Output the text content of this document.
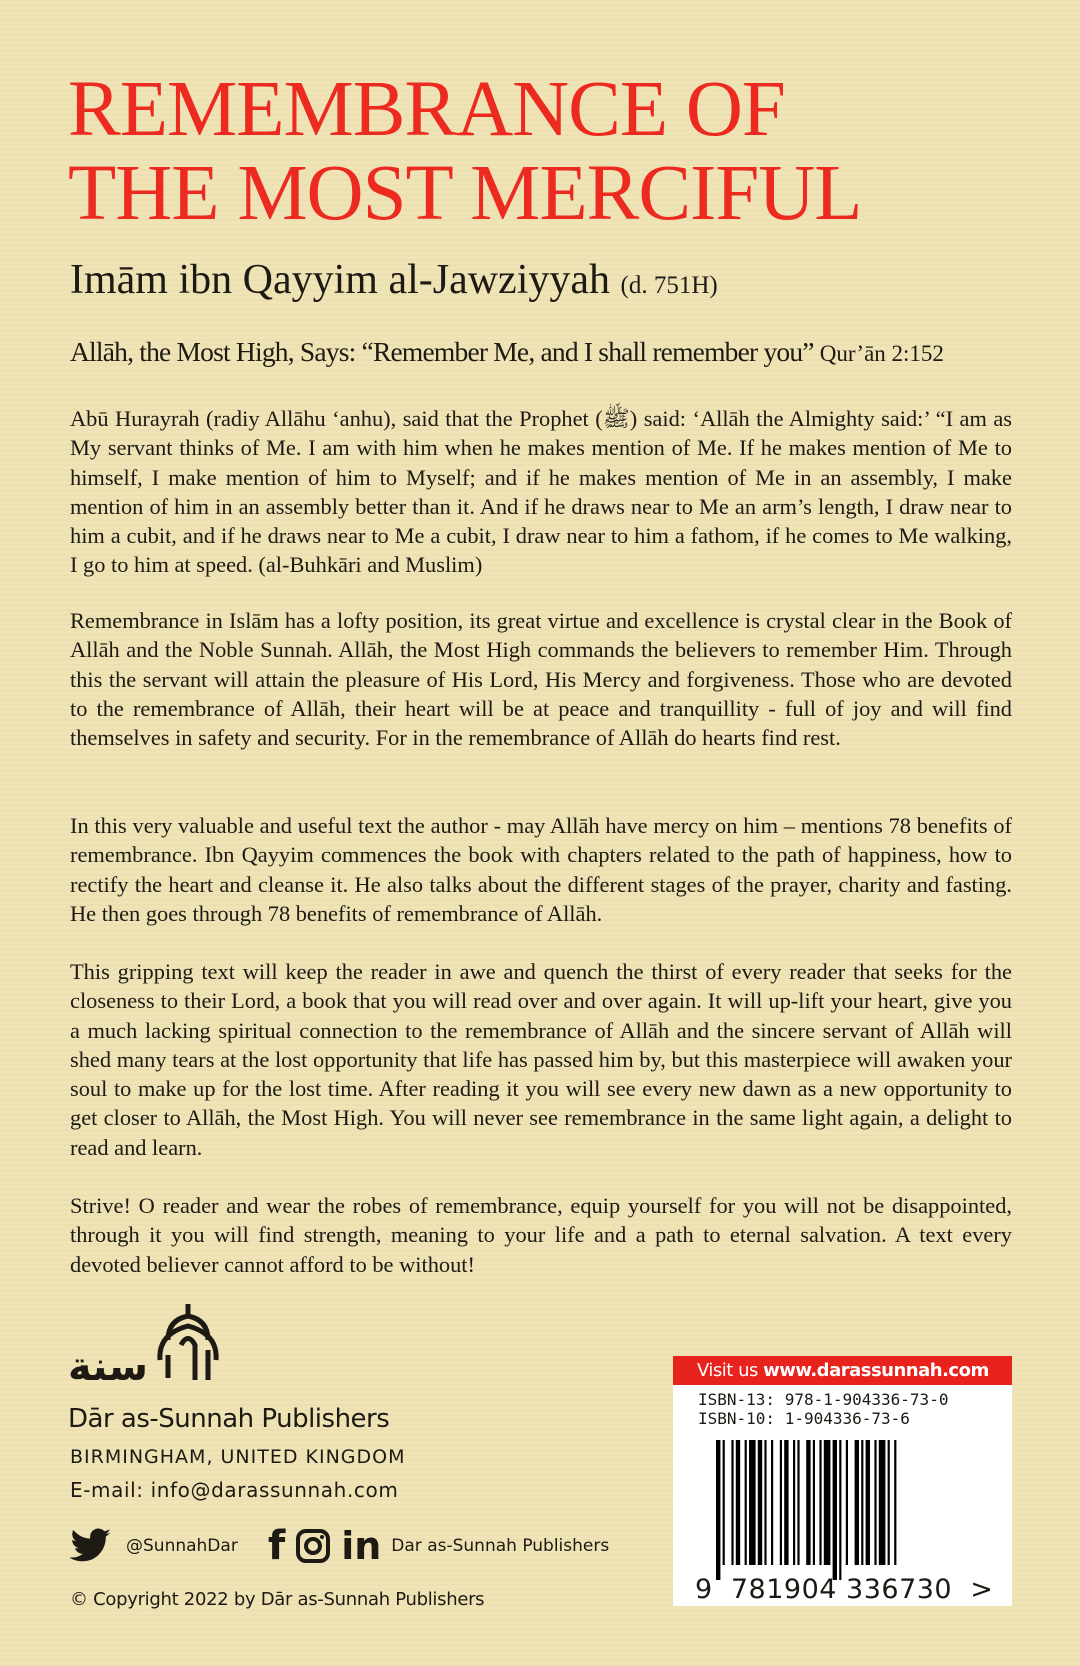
REMEMBRANCE OF
THE MOST MERCIFUL
Imām ibn Qayyim al-Jawziyyah (d. 751H)
Allāh, the Most High, Says: “Remember Me, and I shall remember you” Qur’ān 2:152

Abū Hurayrah (radiy Allāhu ‘anhu), said that the Prophet (ﷺ) said: ‘Allāh the Almighty said:’ “I am as My servant thinks of Me. I am with him when he makes mention of Me. If he makes mention of Me to himself, I make mention of him to Myself; and if he makes mention of Me in an assembly, I make mention of him in an assembly better than it. And if he draws near to Me an arm’s length, I draw near to him a cubit, and if he draws near to Me a cubit, I draw near to him a fathom, if he comes to Me walking, I go to him at speed. (al-Buhkāri and Muslim)

Remembrance in Islām has a lofty position, its great virtue and excellence is crystal clear in the Book of Allāh and the Noble Sunnah. Allāh, the Most High commands the believers to remember Him. Through this the servant will attain the pleasure of His Lord, His Mercy and forgiveness. Those who are devoted to the remembrance of Allāh, their heart will be at peace and tranquillity - full of joy and will find themselves in safety and security. For in the remembrance of Allāh do hearts find rest.

In this very valuable and useful text the author - may Allāh have mercy on him – mentions 78 benefits of remembrance. Ibn Qayyim commences the book with chapters related to the path of happiness, how to rectify the heart and cleanse it. He also talks about the different stages of the prayer, charity and fasting. He then goes through 78 benefits of remembrance of Allāh.

This gripping text will keep the reader in awe and quench the thirst of every reader that seeks for the closeness to their Lord, a book that you will read over and over again. It will up-lift your heart, give you a much lacking spiritual connection to the remembrance of Allāh and the sincere servant of Allāh will shed many tears at the lost opportunity that life has passed him by, but this masterpiece will awaken your soul to make up for the lost time. After reading it you will see every new dawn as a new opportunity to get closer to Allāh, the Most High. You will never see remembrance in the same light again, a delight to read and learn.

Strive! O reader and wear the robes of remembrance, equip yourself for you will not be disappointed, through it you will find strength, meaning to your life and a path to eternal salvation. A text every devoted believer cannot afford to be without!

سنة
Dār as-Sunnah Publishers
BIRMINGHAM, UNITED KINGDOM
E-mail: info@darassunnah.com
@SunnahDar f in Dar as-Sunnah Publishers
© Copyright 2022 by Dār as-Sunnah Publishers
Visit us www.darassunnah.com
ISBN-13: 978-1-904336-73-0
ISBN-10: 1-904336-73-6
9 781904 336730 >
